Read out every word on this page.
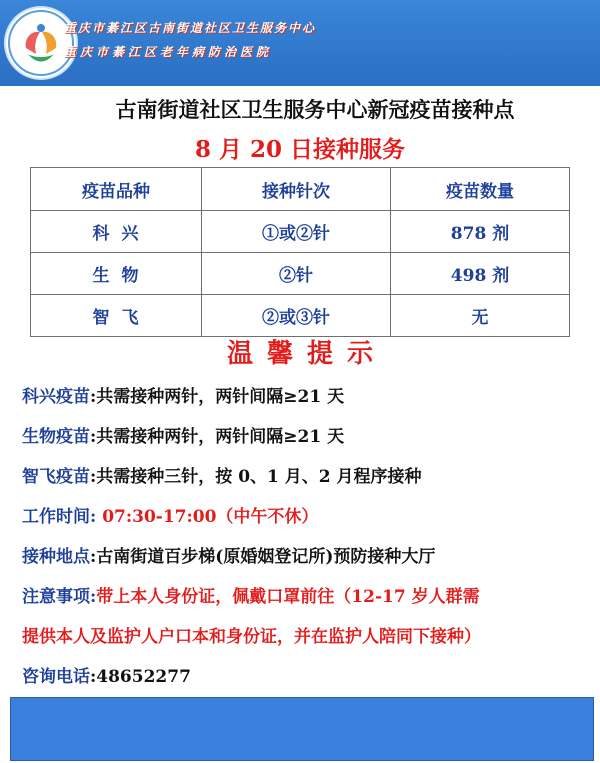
重庆市綦江区古南街道社区卫生服务中心
重庆市綦江区老年病防治医院
古南街道社区卫生服务中心新冠疫苗接种点
8 月 20 日接种服务
疫苗品种	接种针次	疫苗数量
科兴	①或②针	878 剂
生物	②针	498 剂
智飞	②或③针	无
温馨提示
科兴疫苗:共需接种两针，两针间隔≥21 天
生物疫苗:共需接种两针，两针间隔≥21 天
智飞疫苗:共需接种三针，按 0、1 月、2 月程序接种
工作时间: 07:30-17:00（中午不休）
接种地点:古南街道百步梯(原婚姻登记所)预防接种大厅
注意事项:带上本人身份证，佩戴口罩前往（12-17 岁人群需
提供本人及监护人户口本和身份证，并在监护人陪同下接种）
咨询电话:48652277
